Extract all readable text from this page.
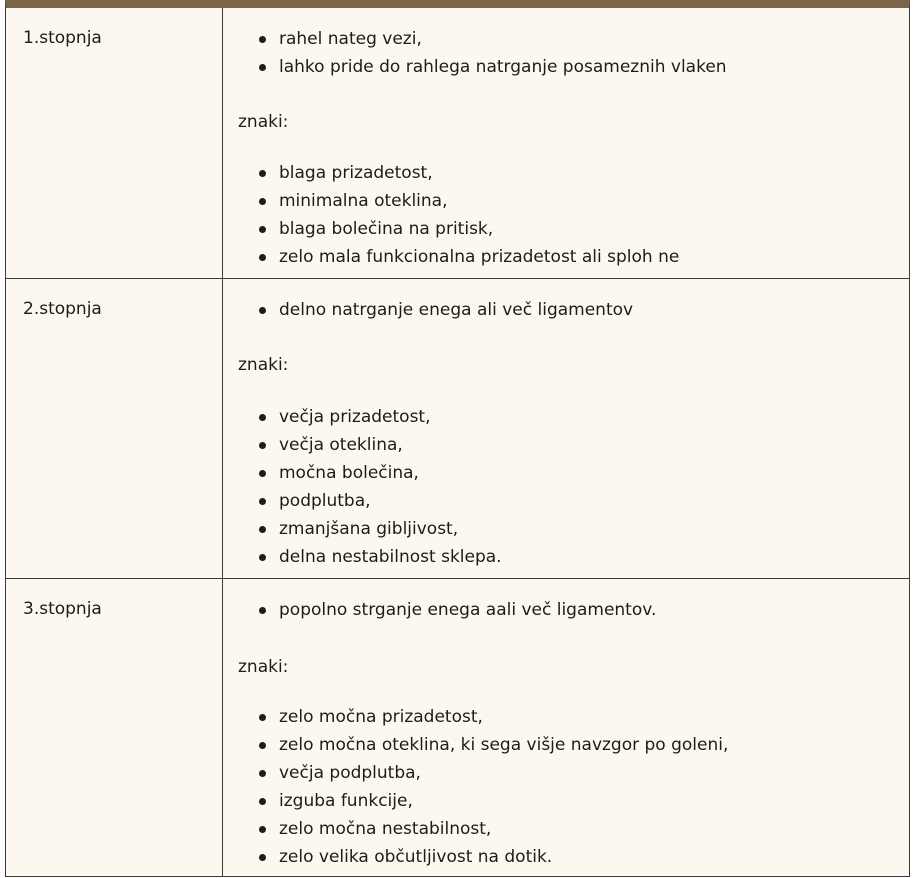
1.stopnja	rahel nateg vezi,
lahko pride do rahlega natrganje posameznih vlaken
znaki:
blaga prizadetost,
minimalna oteklina,
blaga bolečina na pritisk,
zelo mala funkcionalna prizadetost ali sploh ne
2.stopnja	delno natrganje enega ali več ligamentov
znaki:
večja prizadetost,
večja oteklina,
močna bolečina,
podplutba,
zmanjšana gibljivost,
delna nestabilnost sklepa.
3.stopnja	popolno strganje enega aali več ligamentov.
znaki:
zelo močna prizadetost,
zelo močna oteklina, ki sega višje navzgor po goleni,
večja podplutba,
izguba funkcije,
zelo močna nestabilnost,
zelo velika občutljivost na dotik.
